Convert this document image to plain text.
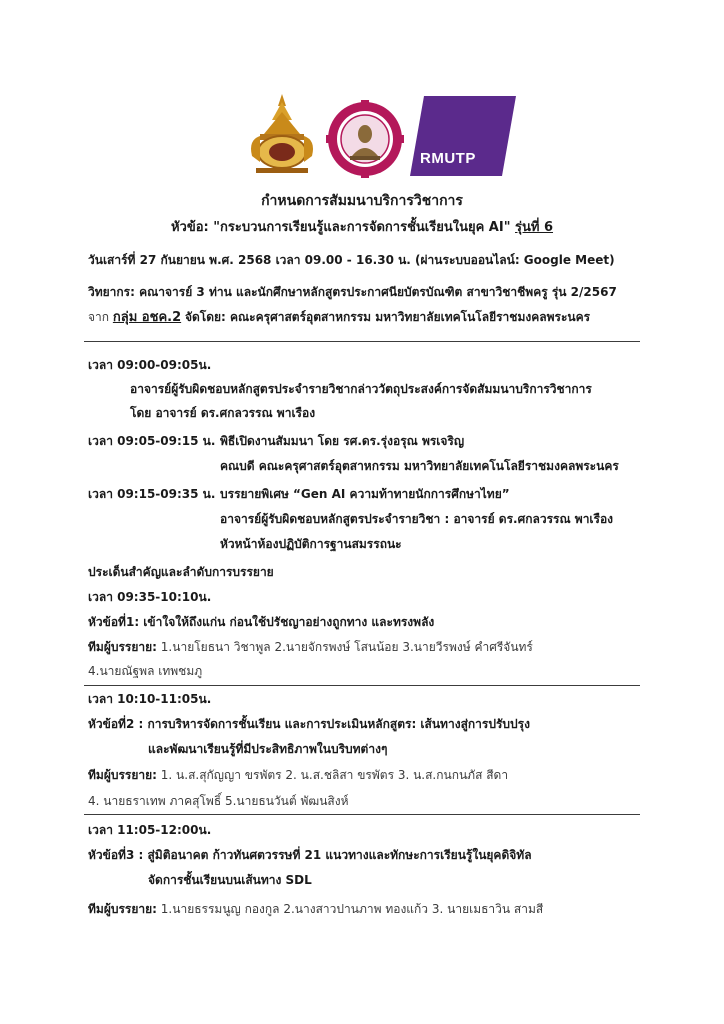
RMUTP
กำหนดการสัมมนาบริการวิชาการ
หัวข้อ: "กระบวนการเรียนรู้และการจัดการชั้นเรียนในยุค AI" รุ่นที่ 6
วันเสาร์ที่ 27 กันยายน พ.ศ. 2568 เวลา 09.00 - 16.30 น. (ผ่านระบบออนไลน์: Google Meet)
วิทยากร: คณาจารย์ 3 ท่าน และนักศึกษาหลักสูตรประกาศนียบัตรบัณฑิต สาขาวิชาชีพครู รุ่น 2/2567
จาก กลุ่ม อชค.2 จัดโดย: คณะครุศาสตร์อุตสาหกรรม มหาวิทยาลัยเทคโนโลยีราชมงคลพระนคร
เวลา 09:00-09:05น.
อาจารย์ผู้รับผิดชอบหลักสูตรประจำรายวิชากล่าววัตถุประสงค์การจัดสัมมนาบริการวิชาการ
โดย อาจารย์ ดร.ศกลวรรณ พาเรือง
เวลา 09:05-09:15 น. พิธีเปิดงานสัมมนา โดย รศ.ดร.รุ่งอรุณ พรเจริญ
คณบดี คณะครุศาสตร์อุตสาหกรรม มหาวิทยาลัยเทคโนโลยีราชมงคลพระนคร
เวลา 09:15-09:35 น. บรรยายพิเศษ “Gen AI ความท้าทายนักการศึกษาไทย”
อาจารย์ผู้รับผิดชอบหลักสูตรประจำรายวิชา : อาจารย์ ดร.ศกลวรรณ พาเรือง
หัวหน้าห้องปฏิบัติการฐานสมรรถนะ
ประเด็นสำคัญและลำดับการบรรยาย
เวลา 09:35-10:10น.
หัวข้อที่1: เข้าใจให้ถึงแก่น ก่อนใช้ปรัชญาอย่างถูกทาง และทรงพลัง
ทีมผู้บรรยาย: 1.นายโยธนา วิชาพูล 2.นายจักรพงษ์ โสนน้อย 3.นายวีรพงษ์ คำศรีจันทร์
4.นายณัฐพล เทพชมภู
เวลา 10:10-11:05น.
หัวข้อที่2 : การบริหารจัดการชั้นเรียน และการประเมินหลักสูตร: เส้นทางสู่การปรับปรุง
และพัฒนาเรียนรู้ที่มีประสิทธิภาพในบริบทต่างๆ
ทีมผู้บรรยาย: 1. น.ส.สุกัญญา ขรพัตร 2. น.ส.ชลิสา ขรพัตร 3. น.ส.กนกนภัส สีดา
4. นายธราเทพ ภาคสุโพธิ์ 5.นายธนวันต์ พัฒนสิงห์
เวลา 11:05-12:00น.
หัวข้อที่3 : สู่มิติอนาคต ก้าวทันศตวรรษที่ 21 แนวทางและทักษะการเรียนรู้ในยุคดิจิทัล
จัดการชั้นเรียนบนเส้นทาง SDL
ทีมผู้บรรยาย: 1.นายธรรมนูญ กองกูล 2.นางสาวปานภาพ ทองแก้ว 3. นายเมธาวิน สามสี
